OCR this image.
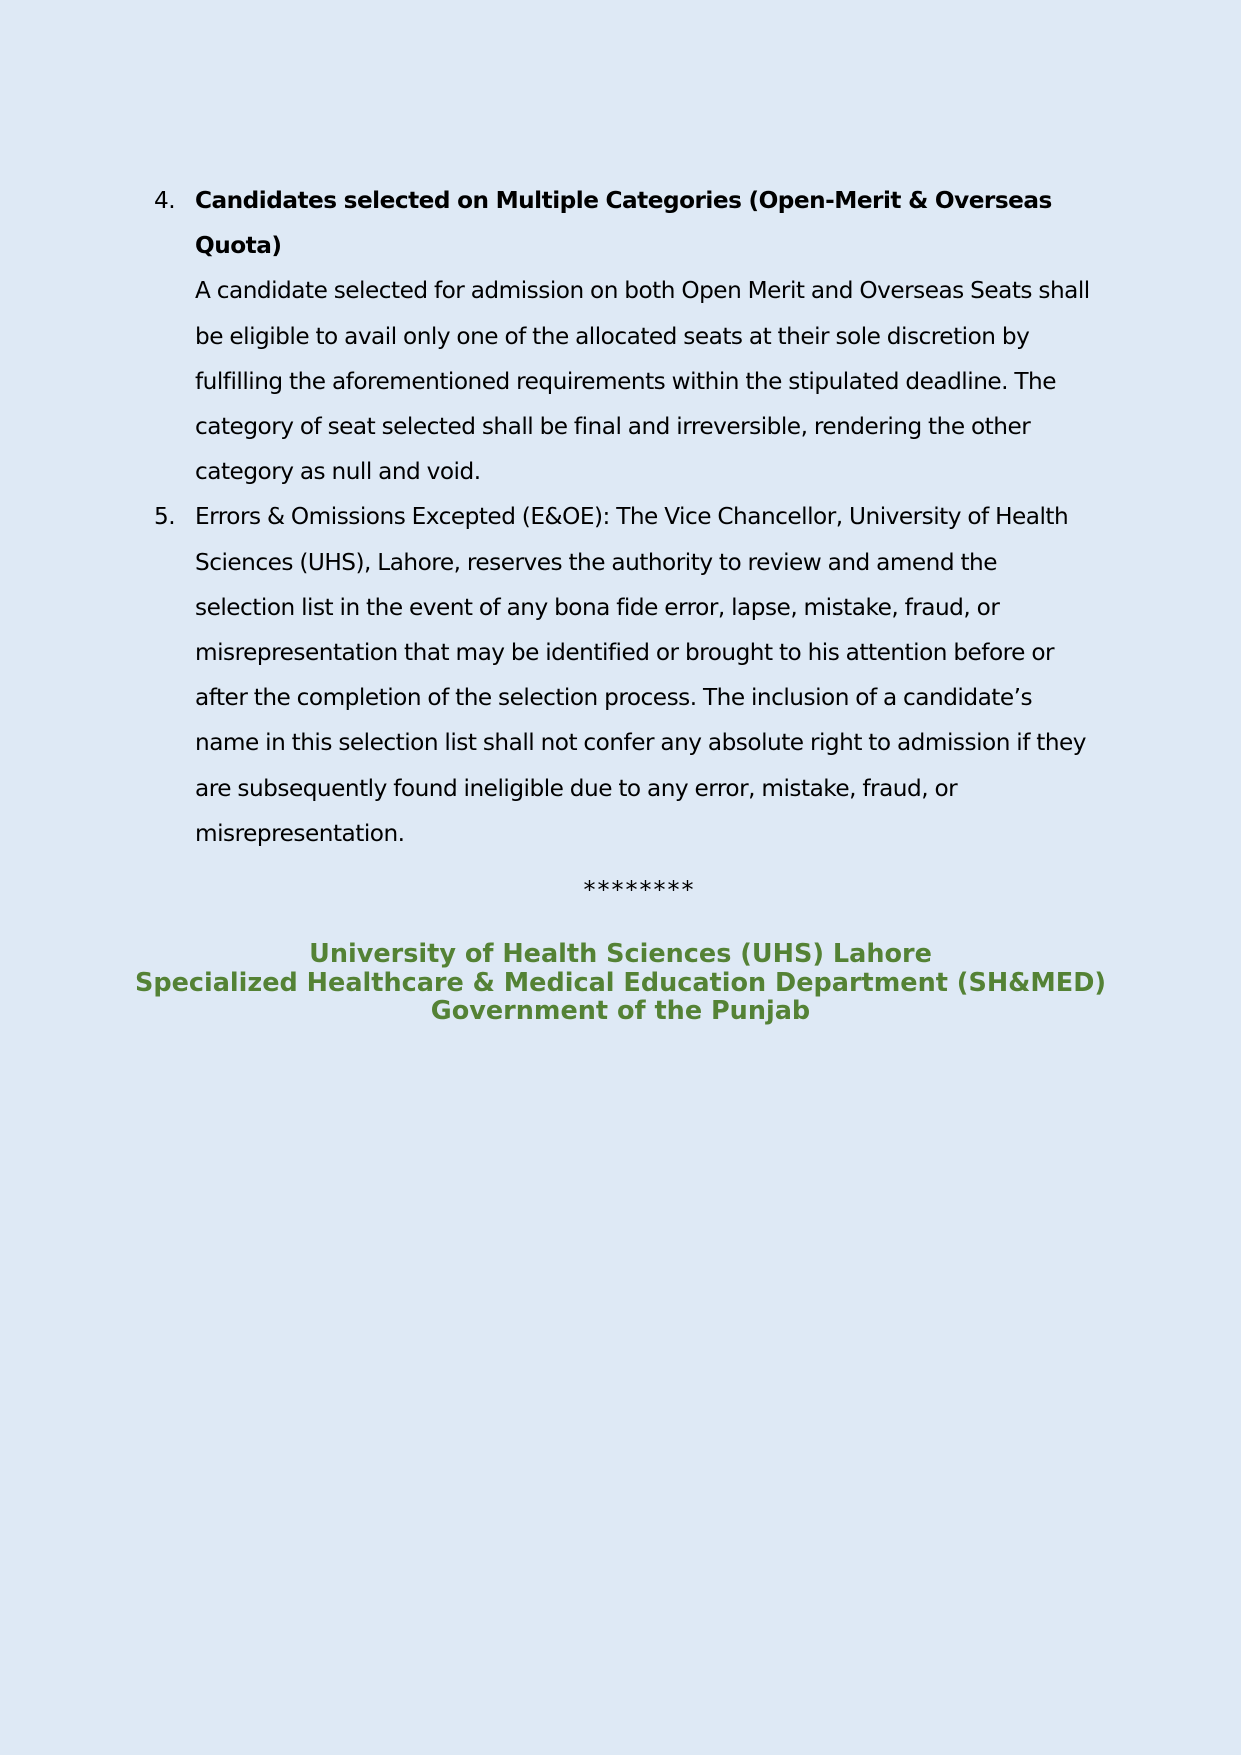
4. Candidates selected on Multiple Categories (Open-Merit & Overseas Quota)
A candidate selected for admission on both Open Merit and Overseas Seats shall be eligible to avail only one of the allocated seats at their sole discretion by fulfilling the aforementioned requirements within the stipulated deadline. The category of seat selected shall be final and irreversible, rendering the other category as null and void.
5. Errors & Omissions Excepted (E&OE): The Vice Chancellor, University of Health Sciences (UHS), Lahore, reserves the authority to review and amend the selection list in the event of any bona fide error, lapse, mistake, fraud, or misrepresentation that may be identified or brought to his attention before or after the completion of the selection process. The inclusion of a candidate’s name in this selection list shall not confer any absolute right to admission if they are subsequently found ineligible due to any error, mistake, fraud, or misrepresentation.
********
University of Health Sciences (UHS) Lahore
Specialized Healthcare & Medical Education Department (SH&MED)
Government of the Punjab
